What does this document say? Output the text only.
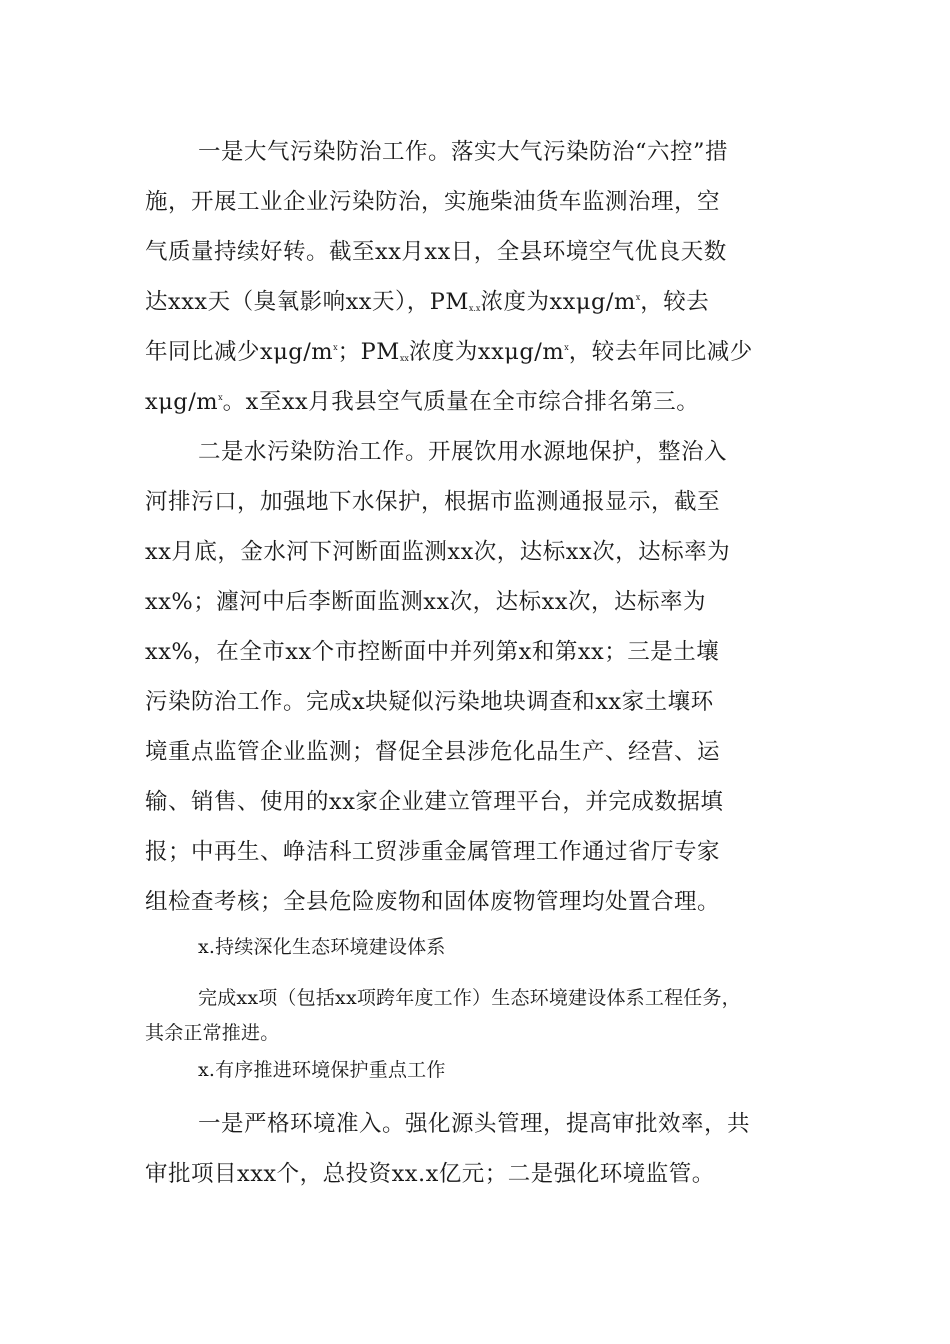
一是大气污染防治工作。落实大气污染防治“六控”措
施，开展工业企业污染防治，实施柴油货车监测治理，空
气质量持续好转。截至xx月xx日，全县环境空气优良天数
达xxx天（臭氧影响xx天），$PM_{x.x}$浓度为xxμg/$m^x$，较去
年同比减少xμg/$m^x$；$PM_{xx}$浓度为xxμg/$m^x$，较去年同比减少
xμg/$m^x$。x至xx月我县空气质量在全市综合排名第三。
二是水污染防治工作。开展饮用水源地保护，整治入
河排污口，加强地下水保护，根据市监测通报显示，截至
xx月底，金水河下河断面监测xx次，达标xx次，达标率为
xx%；瀍河中后李断面监测xx次，达标xx次，达标率为
xx%，在全市xx个市控断面中并列第x和第xx；三是土壤
污染防治工作。完成x块疑似污染地块调查和xx家土壤环
境重点监管企业监测；督促全县涉危化品生产、经营、运
输、销售、使用的xx家企业建立管理平台，并完成数据填
报；中再生、峥洁科工贸涉重金属管理工作通过省厅专家
组检查考核；全县危险废物和固体废物管理均处置合理。
x.持续深化生态环境建设体系
完成xx项（包括xx项跨年度工作）生态环境建设体系工程任务，
其余正常推进。
x.有序推进环境保护重点工作
一是严格环境准入。强化源头管理，提高审批效率，共
审批项目xxx个，总投资xx.x亿元；二是强化环境监管。
